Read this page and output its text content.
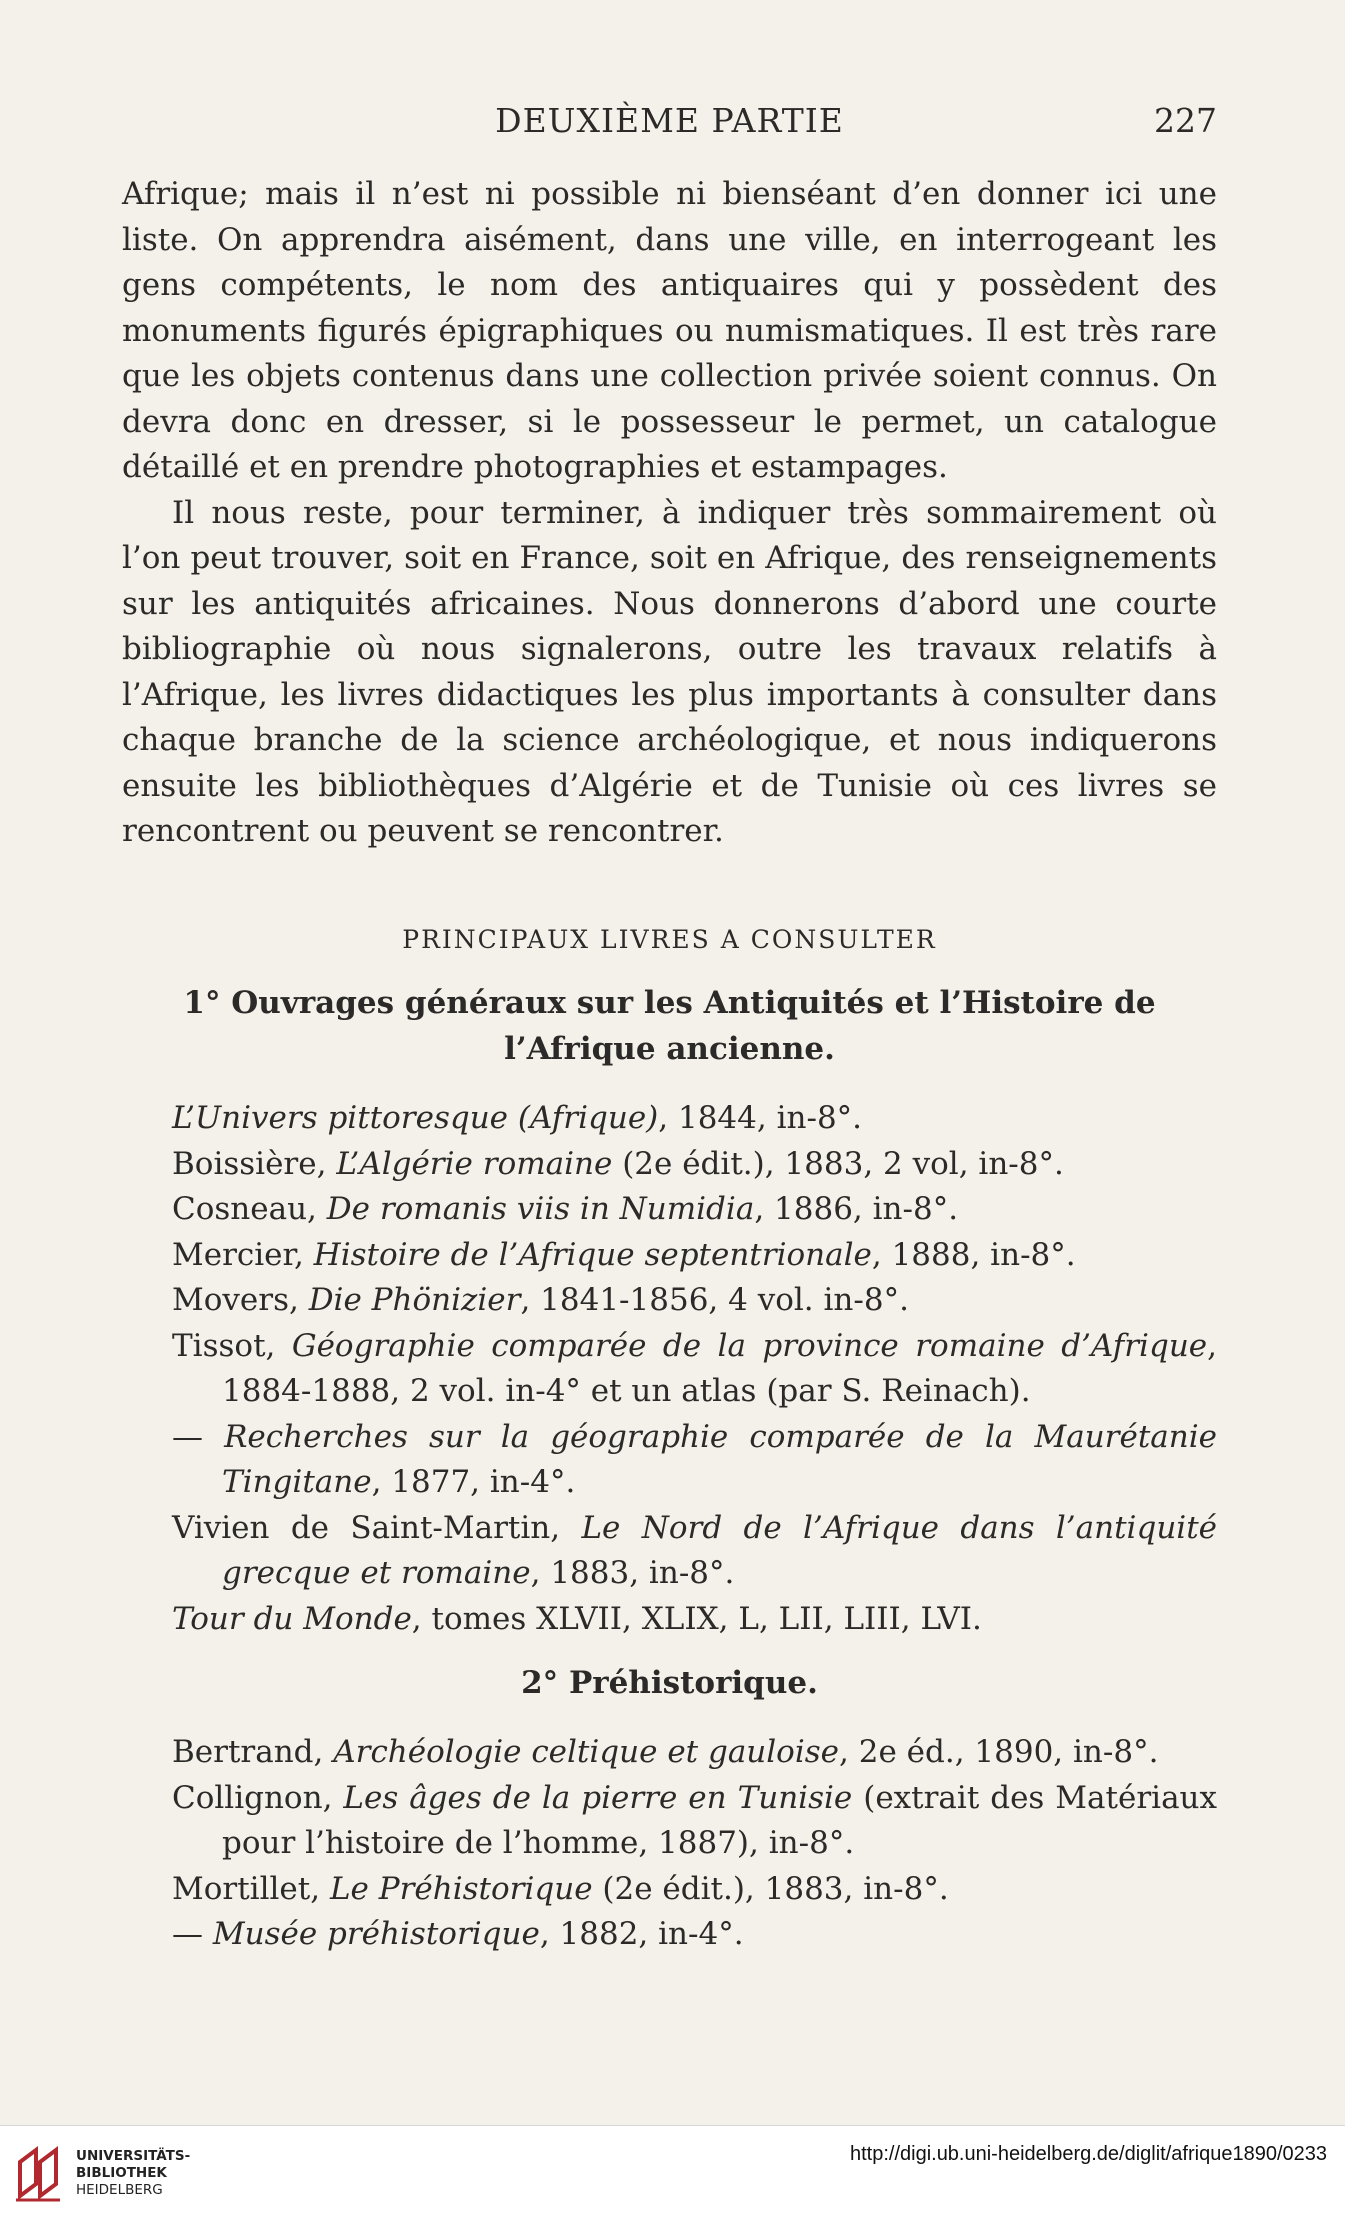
DEUXIÈME PARTIE	227

Afrique; mais il n’est ni possible ni bienséant d’en donner ici une liste. On apprendra aisément, dans une ville, en interrogeant les gens compétents, le nom des antiquaires qui y possèdent des monuments figurés épigraphiques ou numismatiques. Il est très rare que les objets contenus dans une collection privée soient connus. On devra donc en dresser, si le possesseur le permet, un catalogue détaillé et en prendre photographies et estampages.

Il nous reste, pour terminer, à indiquer très sommairement où l’on peut trouver, soit en France, soit en Afrique, des renseignements sur les antiquités africaines. Nous donnerons d’abord une courte bibliographie où nous signalerons, outre les travaux relatifs à l’Afrique, les livres didactiques les plus importants à consulter dans chaque branche de la science archéologique, et nous indiquerons ensuite les bibliothèques d’Algérie et de Tunisie où ces livres se rencontrent ou peuvent se rencontrer.

PRINCIPAUX LIVRES A CONSULTER
1° Ouvrages généraux sur les Antiquités et l’Histoire de l’Afrique ancienne.

L’Univers pittoresque (Afrique), 1844, in-8°.

Boissière, L’Algérie romaine (2e édit.), 1883, 2 vol, in-8°.

Cosneau, De romanis viis in Numidia, 1886, in-8°.

Mercier, Histoire de l’Afrique septentrionale, 1888, in-8°.

Movers, Die Phönizier, 1841-1856, 4 vol. in-8°.

Tissot, Géographie comparée de la province romaine d’Afrique, 1884-1888, 2 vol. in-4° et un atlas (par S. Reinach).

— Recherches sur la géographie comparée de la Maurétanie Tingitane, 1877, in-4°.

Vivien de Saint-Martin, Le Nord de l’Afrique dans l’antiquité grecque et romaine, 1883, in-8°.

Tour du Monde, tomes XLVII, XLIX, L, LII, LIII, LVI.

2° Préhistorique.

Bertrand, Archéologie celtique et gauloise, 2e éd., 1890, in-8°.

Collignon, Les âges de la pierre en Tunisie (extrait des Matériaux pour l’histoire de l’homme, 1887), in-8°.

Mortillet, Le Préhistorique (2e édit.), 1883, in-8°.

— Musée préhistorique, 1882, in-4°.

UNIVERSITÄTS-
BIBLIOTHEK
HEIDELBERG
http://digi.ub.uni-heidelberg.de/diglit/afrique1890/0233
